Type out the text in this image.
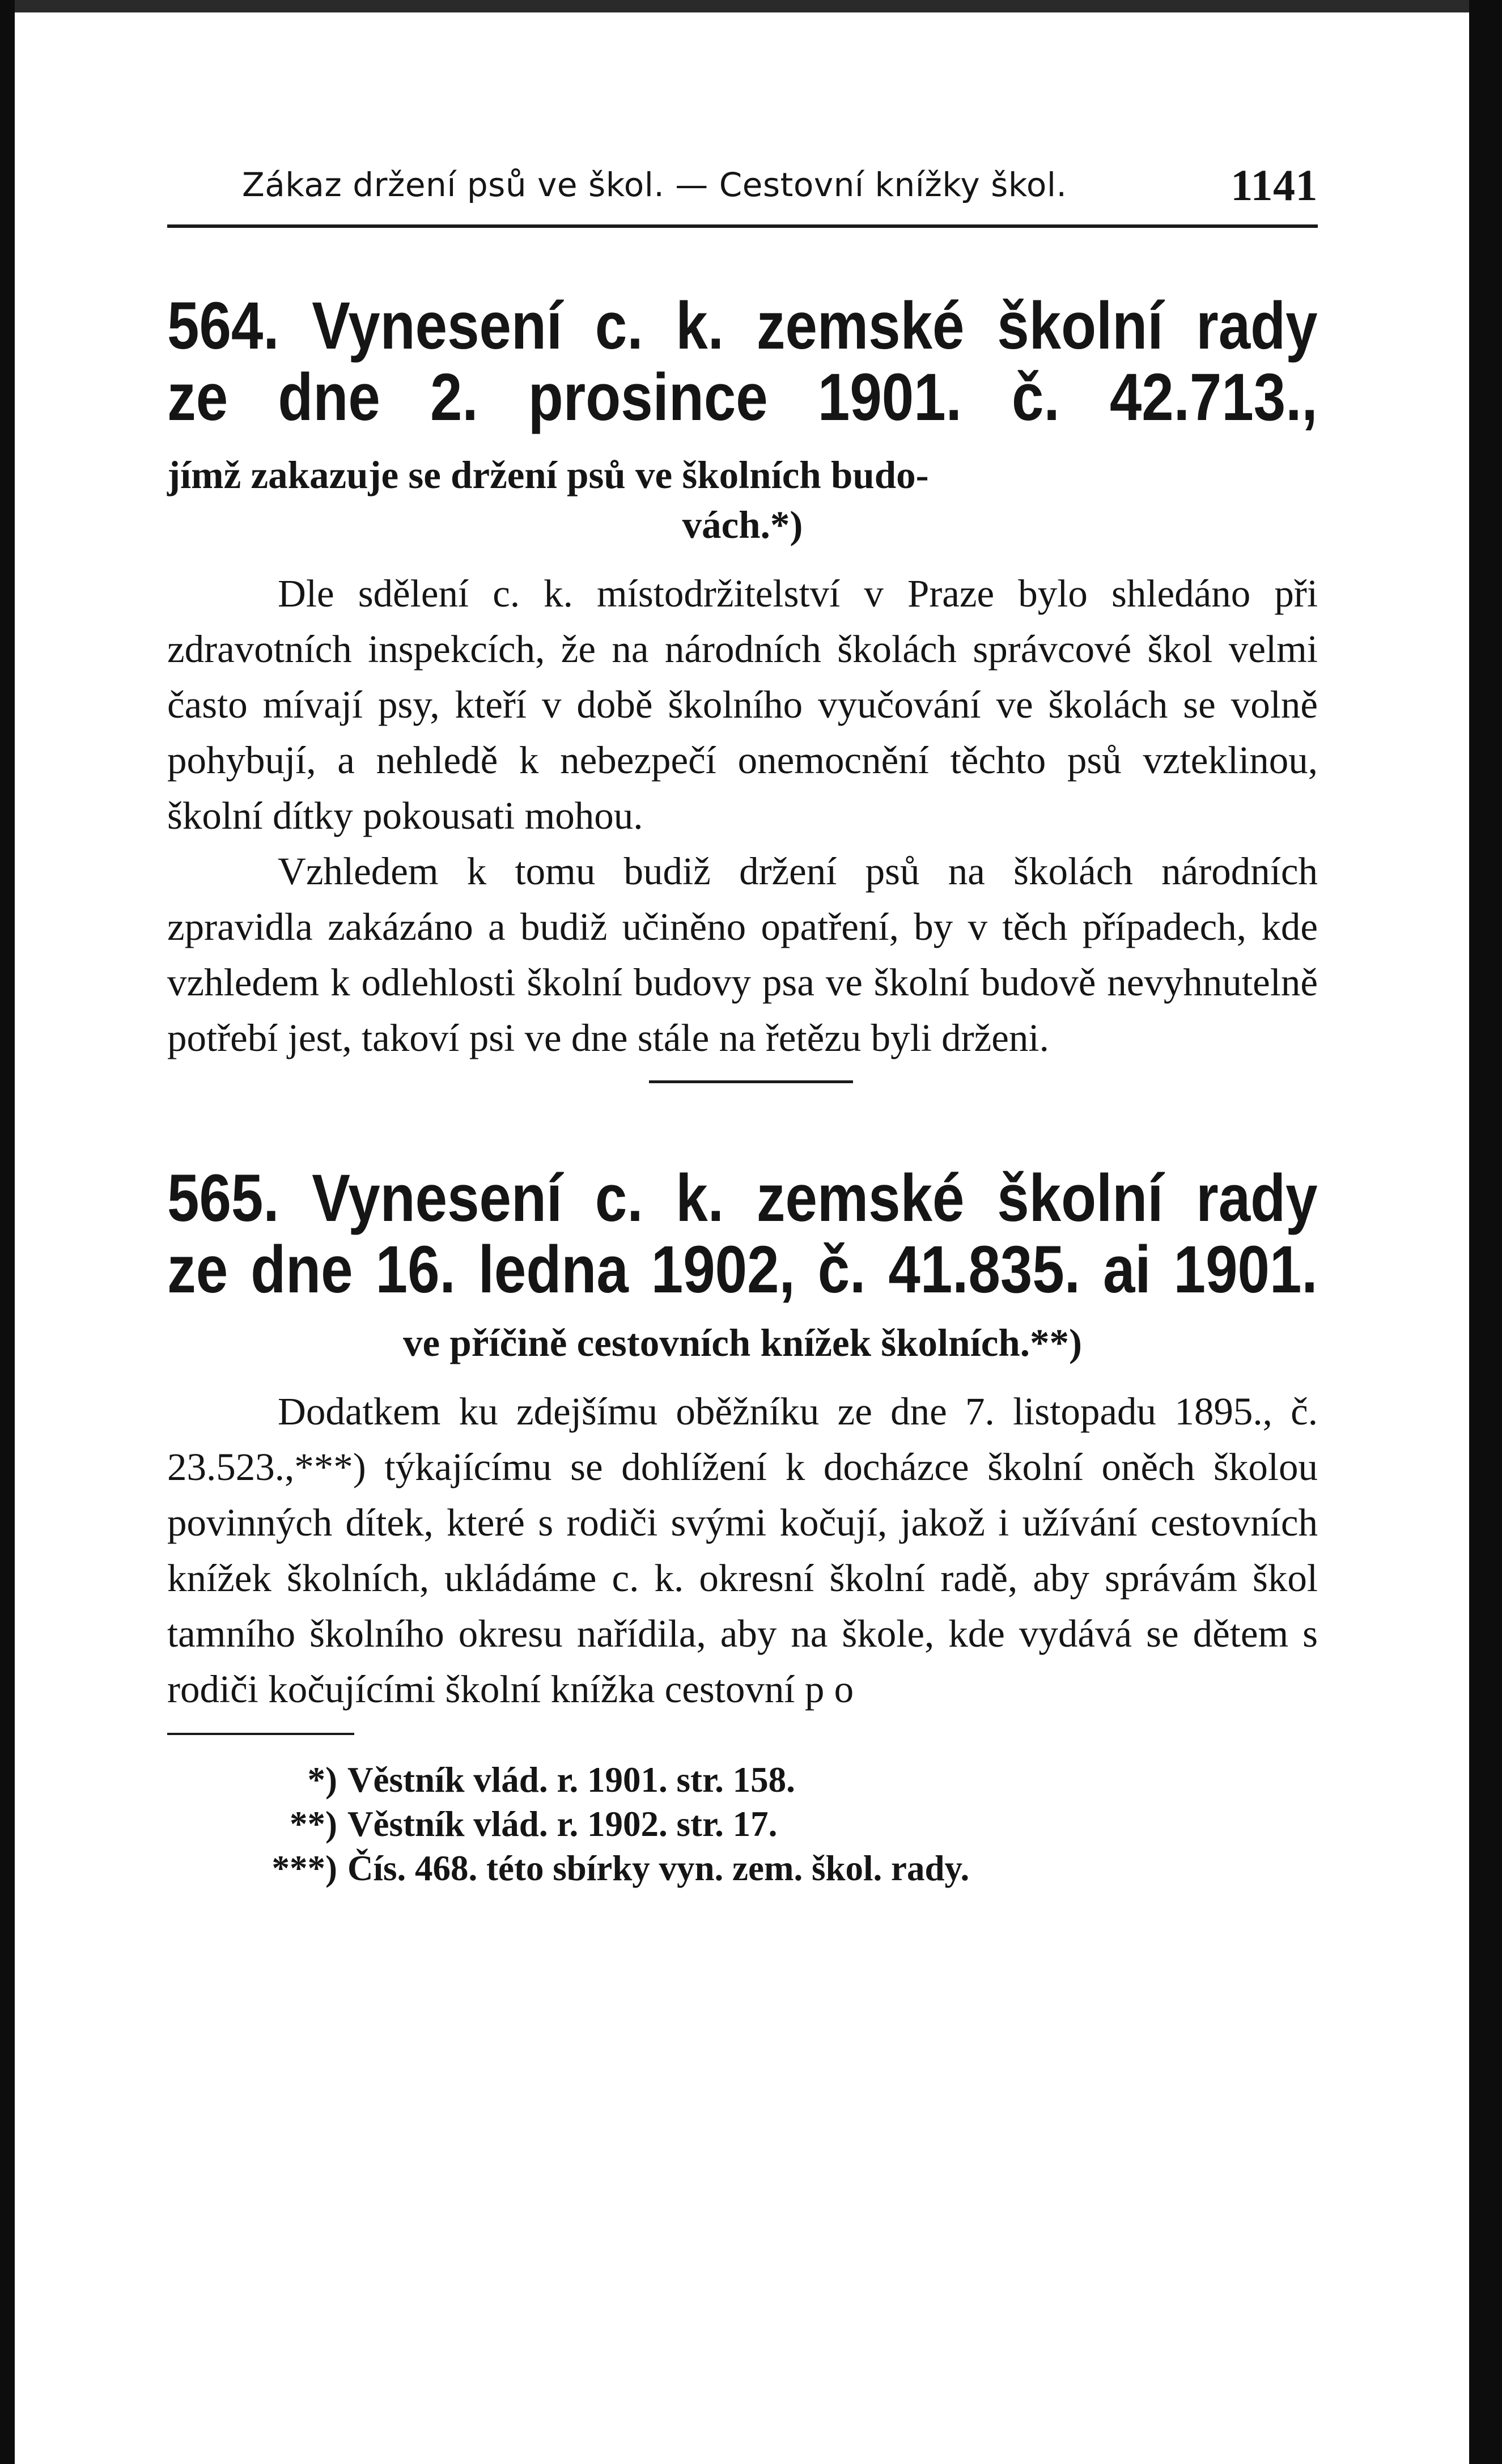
Zákaz držení psů ve škol. — Cestovní knížky škol.	1141
564. Vynesení c. k. zemské školní rady
ze dne 2. prosince 1901. č. 42.713.,
jímž zakazuje se držení psů ve školních budo-
vách.*)

Dle sdělení c. k. místodržitelství v Praze bylo shledáno při zdravotních inspekcích, že na národních školách správcové škol velmi často mívají psy, kteří v době školního vyučování ve školách se volně pohybují, a nehledě k nebezpečí onemocnění těchto psů vzteklinou, školní dítky pokousati mohou.

Vzhledem k tomu budiž držení psů na školách národních zpravidla zakázáno a budiž učiněno opatření, by v těch případech, kde vzhledem k odlehlosti školní budovy psa ve školní budově nevyhnutelně potřebí jest, takoví psi ve dne stále na řetězu byli drženi.

565. Vynesení c. k. zemské školní rady
ze dne 16. ledna 1902, č. 41.835. ai 1901.
ve příčině cestovních knížek školních.**)

Dodatkem ku zdejšímu oběžníku ze dne 7. listopadu 1895., č. 23.523.,***) týkajícímu se dohlížení k docházce školní oněch školou povinných dítek, které s rodiči svými kočují, jakož i užívání cestovních knížek školních, ukládáme c. k. okresní školní radě, aby správám škol tamního školního okresu nařídila, aby na škole, kde vydává se dětem s rodiči kočujícími školní knížka cestovní p o

*) Věstník vlád. r. 1901. str. 158.
**) Věstník vlád. r. 1902. str. 17.
***) Čís. 468. této sbírky vyn. zem. škol. rady.
